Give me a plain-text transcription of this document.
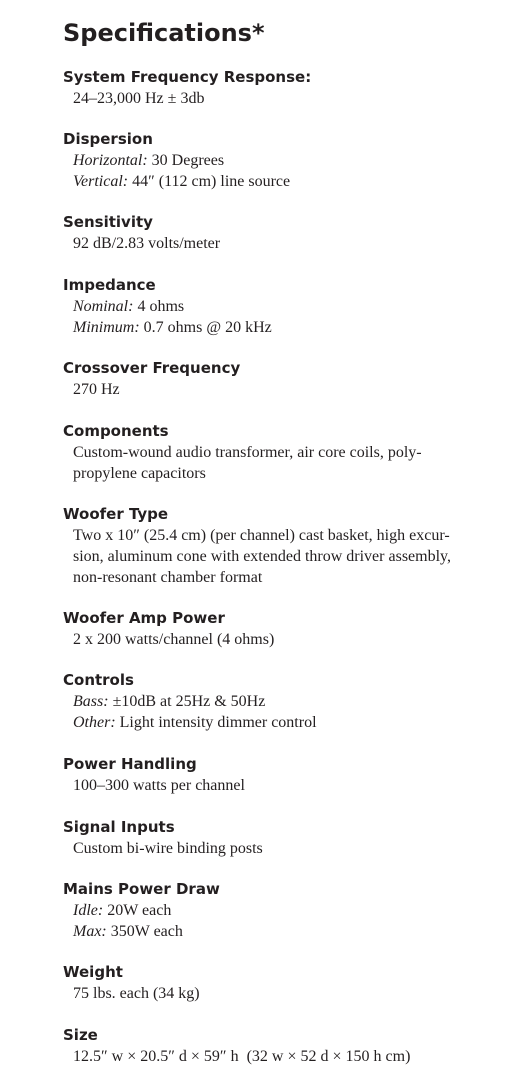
Specifications*
System Frequency Response:
24–23,000 Hz ± 3db
Dispersion
Horizontal: 30 Degrees
Vertical: 44″ (112 cm) line source
Sensitivity
92 dB/2.83 volts/meter
Impedance
Nominal: 4 ohms
Minimum: 0.7 ohms @ 20 kHz
Crossover Frequency
270 Hz
Components
Custom-wound audio transformer, air core coils, poly-
propylene capacitors
Woofer Type
Two x 10″ (25.4 cm) (per channel) cast basket, high excur-
sion, aluminum cone with extended throw driver assembly,
non-resonant chamber format
Woofer Amp Power
2 x 200 watts/channel (4 ohms)
Controls
Bass: ±10dB at 25Hz & 50Hz
Other: Light intensity dimmer control
Power Handling
100–300 watts per channel
Signal Inputs
Custom bi-wire binding posts
Mains Power Draw
Idle: 20W each
Max: 350W each
Weight
75 lbs. each (34 kg)
Size
12.5″ w × 20.5″ d × 59″ h  (32 w × 52 d × 150 h cm)
